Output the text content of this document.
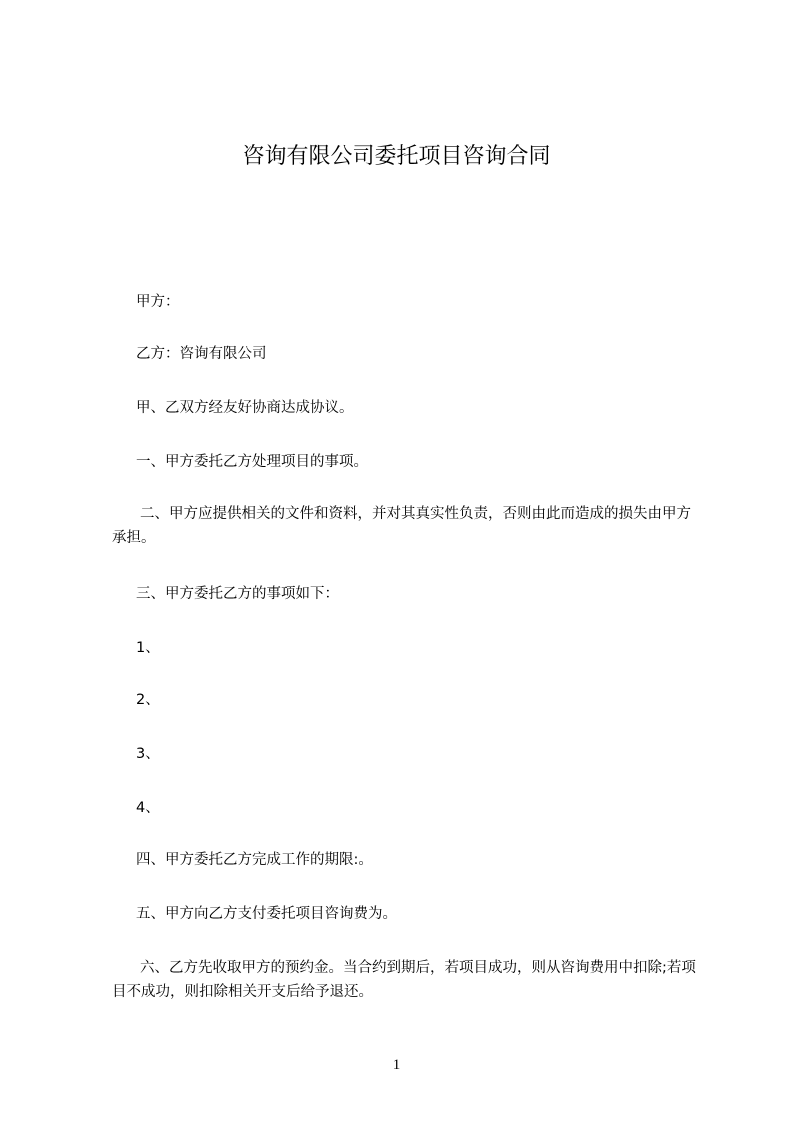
咨询有限公司委托项目咨询合同

甲方：

乙方：咨询有限公司

甲、乙双方经友好协商达成协议。

一、甲方委托乙方处理项目的事项。

二、甲方应提供相关的文件和资料，并对其真实性负责，否则由此而造成的损失由甲方承担。

三、甲方委托乙方的事项如下：

1、

2、

3、

4、

四、甲方委托乙方完成工作的期限:。

五、甲方向乙方支付委托项目咨询费为。

六、乙方先收取甲方的预约金。当合约到期后，若项目成功，则从咨询费用中扣除;若项目不成功，则扣除相关开支后给予退还。

1
